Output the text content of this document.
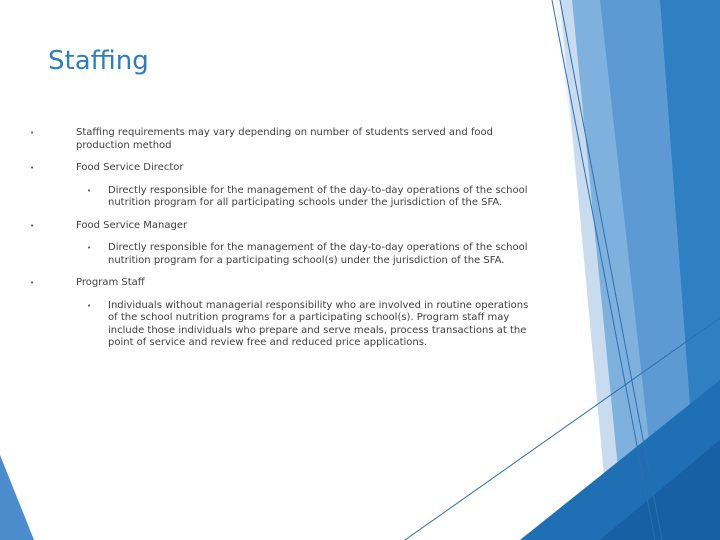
Staffing
•	Staffing requirements may vary depending on number of students served and food production method
•	Food Service Director
• Directly responsible for the management of the day-to-day operations of the school nutrition program for all participating schools under the jurisdiction of the SFA.
•	Food Service Manager
• Directly responsible for the management of the day-to-day operations of the school nutrition program for a participating school(s) under the jurisdiction of the SFA.
•	Program Staff
• Individuals without managerial responsibility who are involved in routine operations of the school nutrition programs for a participating school(s). Program staff may include those individuals who prepare and serve meals, process transactions at the point of service and review free and reduced price applications.
